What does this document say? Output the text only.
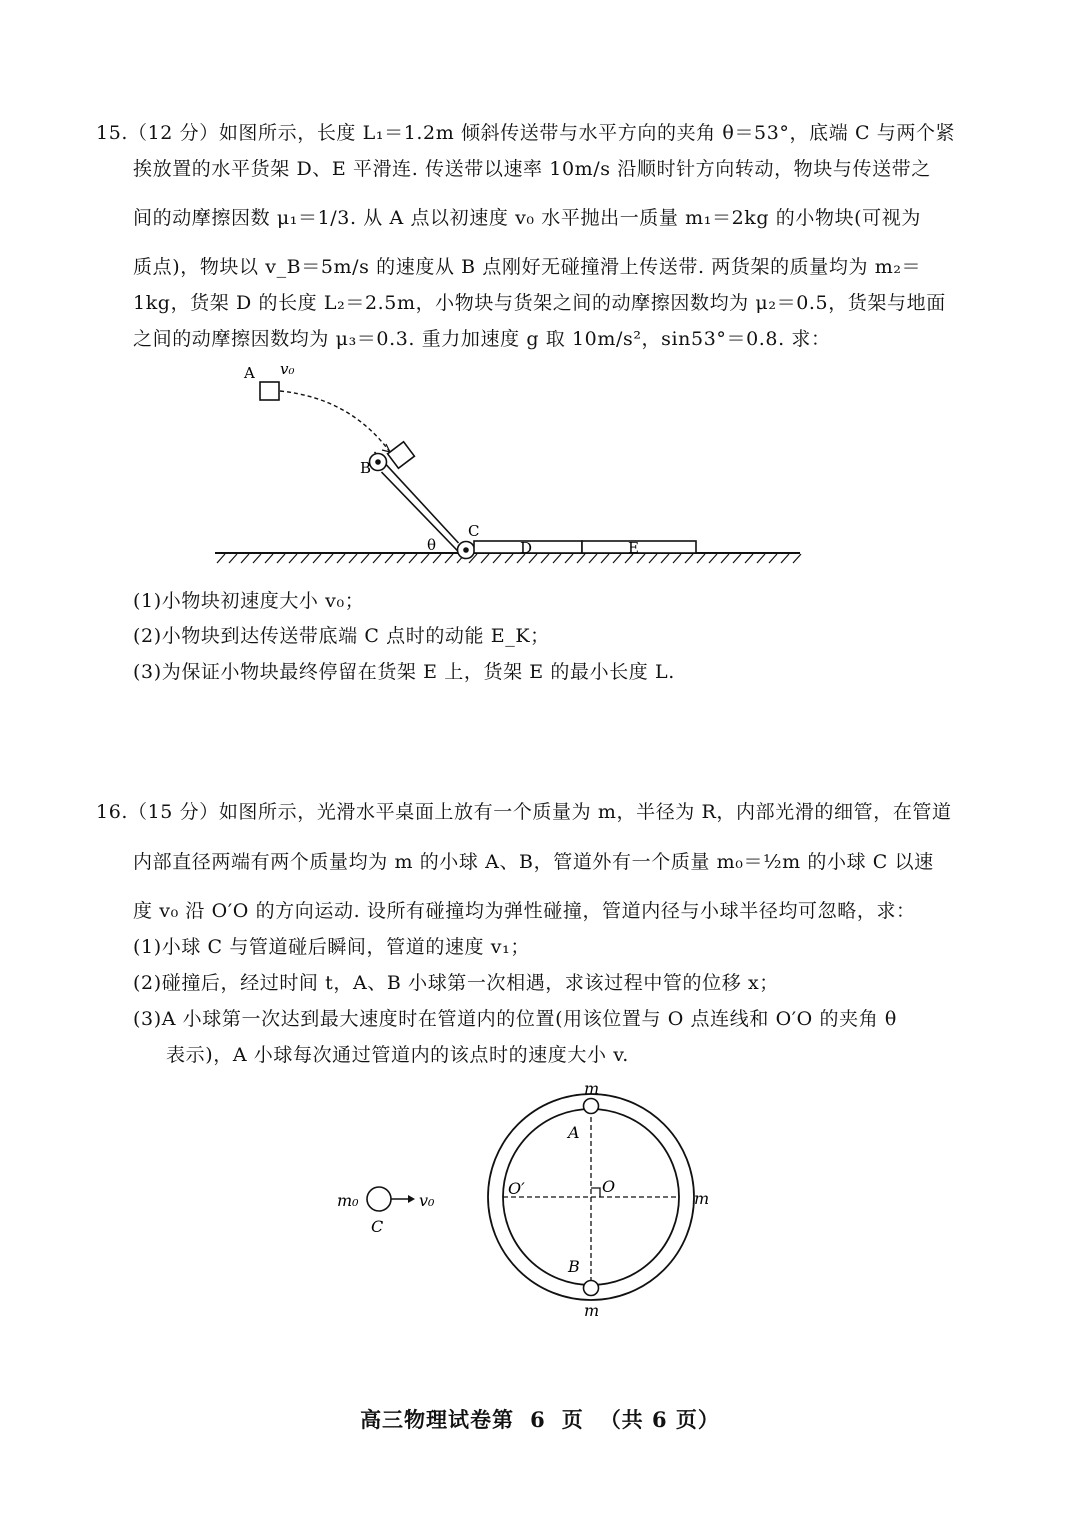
15.（12 分）如图所示，长度 L₁＝1.2m 倾斜传送带与水平方向的夹角 θ＝53°，底端 C 与两个紧
挨放置的水平货架 D、E 平滑连. 传送带以速率 10m/s 沿顺时针方向转动，物块与传送带之
间的动摩擦因数 μ₁＝1/3. 从 A 点以初速度 v₀ 水平抛出一质量 m₁＝2kg 的小物块(可视为
质点)，物块以 v_B＝5m/s 的速度从 B 点刚好无碰撞滑上传送带. 两货架的质量均为 m₂＝
1kg，货架 D 的长度 L₂＝2.5m，小物块与货架之间的动摩擦因数均为 μ₂＝0.5，货架与地面
之间的动摩擦因数均为 μ₃＝0.3. 重力加速度 g 取 10m/s²，sin53°＝0.8. 求：
A v₀
B
C
θ	D	E
(1)小物块初速度大小 v₀；
(2)小物块到达传送带底端 C 点时的动能 E_K；
(3)为保证小物块最终停留在货架 E 上，货架 E 的最小长度 L.
16.（15 分）如图所示，光滑水平桌面上放有一个质量为 m，半径为 R，内部光滑的细管，在管道
内部直径两端有两个质量均为 m 的小球 A、B，管道外有一个质量 m₀＝½m 的小球 C 以速
度 v₀ 沿 O′O 的方向运动. 设所有碰撞均为弹性碰撞，管道内径与小球半径均可忽略，求：
(1)小球 C 与管道碰后瞬间，管道的速度 v₁；
(2)碰撞后，经过时间 t，A、B 小球第一次相遇，求该过程中管的位移 x；
(3)A 小球第一次达到最大速度时在管道内的位置(用该位置与 O 点连线和 O′O 的夹角 θ
表示)，A 小球每次通过管道内的该点时的速度大小 v.
m
A
O′	O
m
B
m
m₀	v₀
C
高三物理试卷第 6 页 （共 6 页）
